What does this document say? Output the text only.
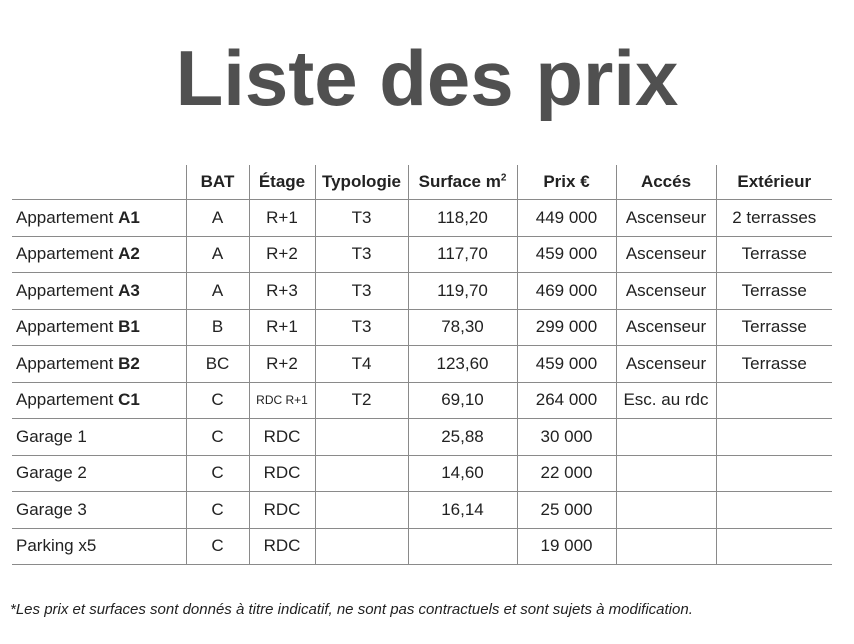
Liste des prix
	BAT	Étage	Typologie	Surface $m^2$	Prix €	Accés	Extérieur
Appartement A1	A	R+1	T3	118,20	449 000	Ascenseur	2 terrasses
Appartement A2	A	R+2	T3	117,70	459 000	Ascenseur	Terrasse
Appartement A3	A	R+3	T3	119,70	469 000	Ascenseur	Terrasse
Appartement B1	B	R+1	T3	78,30	299 000	Ascenseur	Terrasse
Appartement B2	BC	R+2	T4	123,60	459 000	Ascenseur	Terrasse
Appartement C1	C	RDC R+1	T2	69,10	264 000	Esc. au rdc	
Garage 1	C	RDC		25,88	30 000		
Garage 2	C	RDC		14,60	22 000		
Garage 3	C	RDC		16,14	25 000		
Parking x5	C	RDC			19 000		
*Les prix et surfaces sont donnés à titre indicatif, ne sont pas contractuels et sont sujets à modification.
